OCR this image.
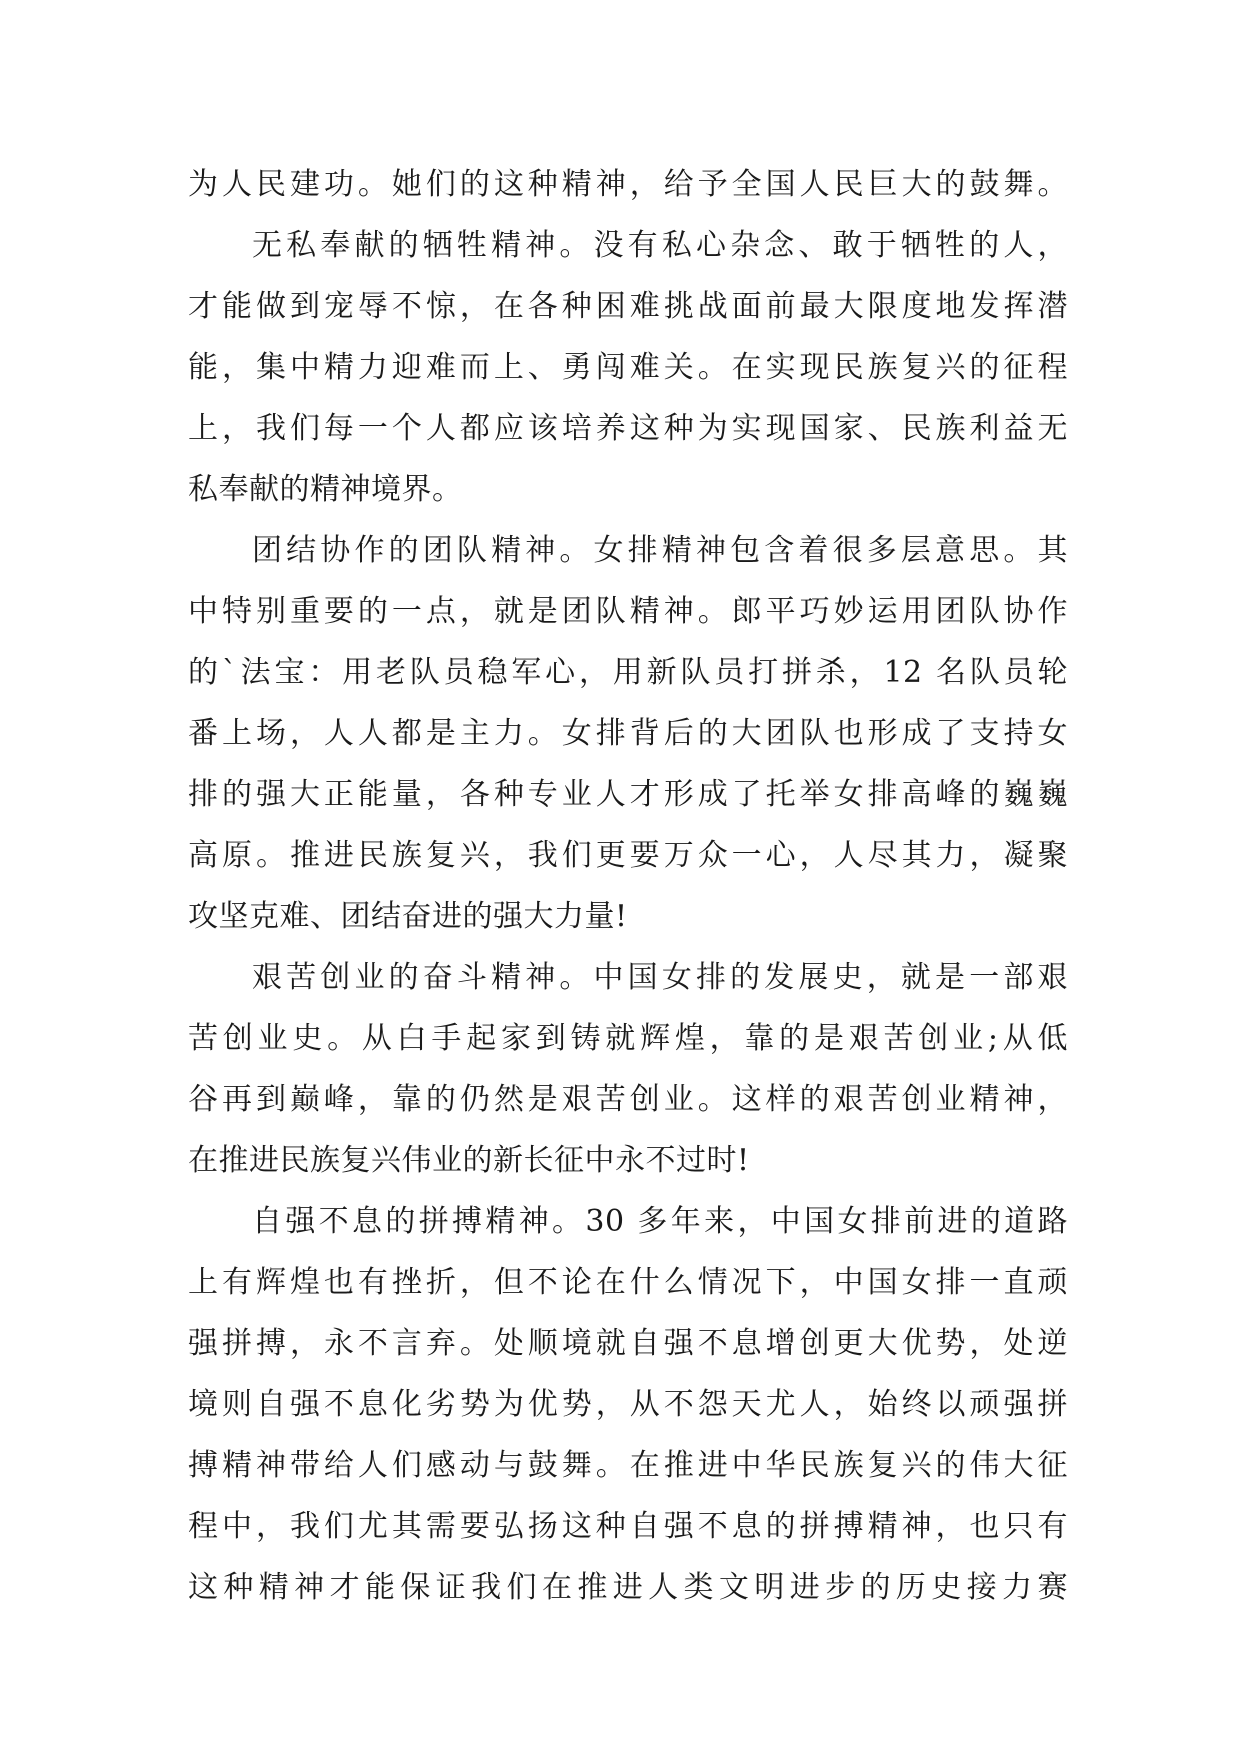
为人民建功。她们的这种精神，给予全国人民巨大的鼓舞。
无私奉献的牺牲精神。没有私心杂念、敢于牺牲的人，
才能做到宠辱不惊，在各种困难挑战面前最大限度地发挥潜
能，集中精力迎难而上、勇闯难关。在实现民族复兴的征程
上，我们每一个人都应该培养这种为实现国家、民族利益无
私奉献的精神境界。
团结协作的团队精神。女排精神包含着很多层意思。其
中特别重要的一点，就是团队精神。郎平巧妙运用团队协作
的`法宝：用老队员稳军心，用新队员打拼杀，12 名队员轮
番上场，人人都是主力。女排背后的大团队也形成了支持女
排的强大正能量，各种专业人才形成了托举女排高峰的巍巍
高原。推进民族复兴，我们更要万众一心，人尽其力，凝聚
攻坚克难、团结奋进的强大力量!
艰苦创业的奋斗精神。中国女排的发展史，就是一部艰
苦创业史。从白手起家到铸就辉煌，靠的是艰苦创业;从低
谷再到巅峰，靠的仍然是艰苦创业。这样的艰苦创业精神，
在推进民族复兴伟业的新长征中永不过时!
自强不息的拼搏精神。30 多年来，中国女排前进的道路
上有辉煌也有挫折，但不论在什么情况下，中国女排一直顽
强拼搏，永不言弃。处顺境就自强不息增创更大优势，处逆
境则自强不息化劣势为优势，从不怨天尤人，始终以顽强拼
搏精神带给人们感动与鼓舞。在推进中华民族复兴的伟大征
程中，我们尤其需要弘扬这种自强不息的拼搏精神，也只有
这种精神才能保证我们在推进人类文明进步的历史接力赛
